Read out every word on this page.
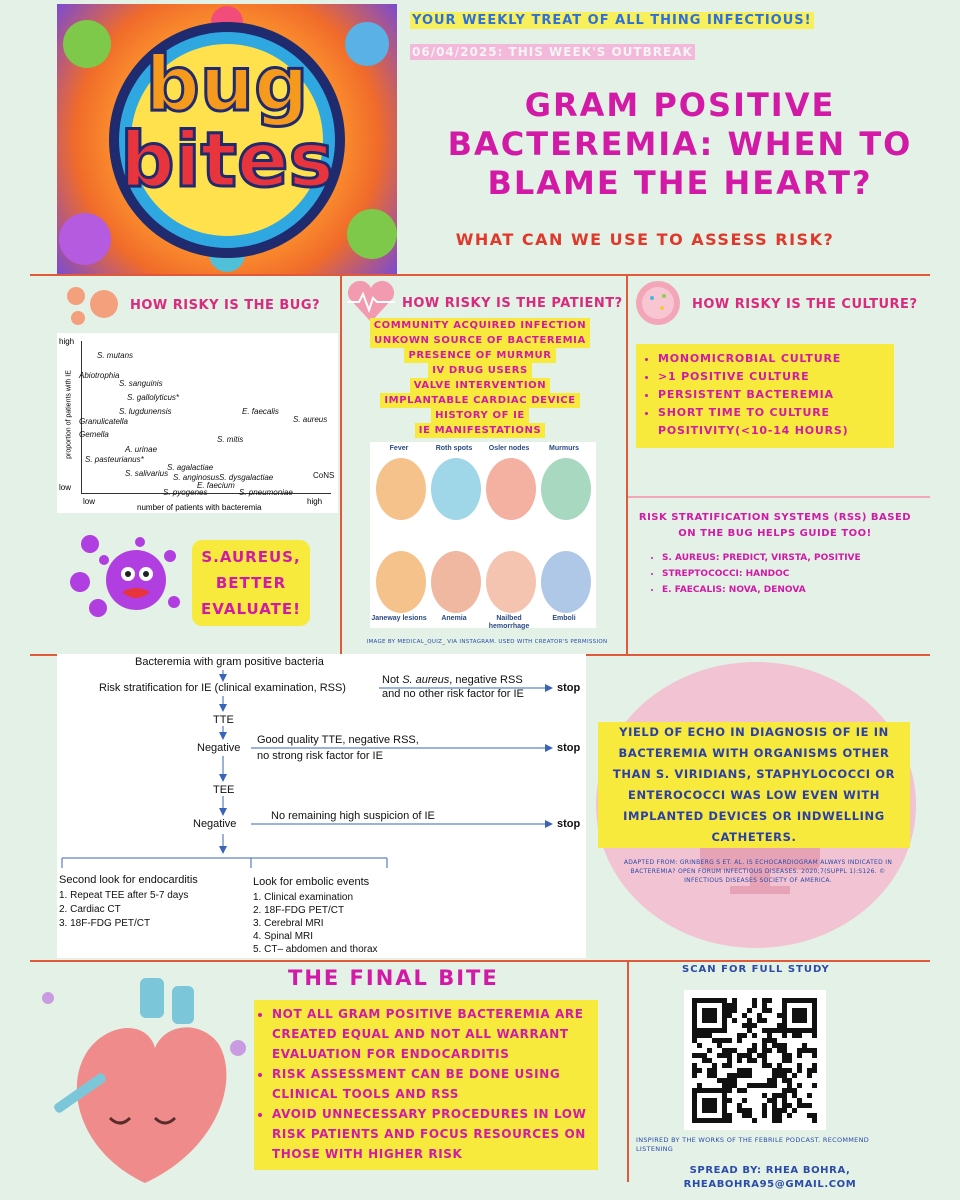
bug
bites
YOUR WEEKLY TREAT OF ALL THING INFECTIOUS!
06/04/2025: THIS WEEK'S OUTBREAK
GRAM POSITIVE
BACTEREMIA: WHEN TO
BLAME THE HEART?
WHAT CAN WE USE TO ASSESS RISK?
HOW RISKY IS THE BUG?
high
low
low	high
number of patients with bacteremia
proportion of patients with IE
S. mutans
Abiotrophia
S. sanguinis
S. gallolyticus*
S. lugdunensis	E. faecalis
S. aureus
Granulicatella
Gemella
A. urinae
S. mitis
S. pasteurianus*
S. agalactiae
S. salivarius S. anginosus S. dysgalactiae
E. faecium
S. pyogenes	S. pneumoniae
CoNS
S.AUREUS,
BETTER
EVALUATE!
HOW RISKY IS THE PATIENT?
COMMUNITY ACQUIRED INFECTION
UNKOWN SOURCE OF BACTEREMIA
PRESENCE OF MURMUR
IV DRUG USERS
VALVE INTERVENTION
IMPLANTABLE CARDIAC DEVICE
HISTORY OF IE
IE MANIFESTATIONS
Fever	Roth spots	Osler nodes	Murmurs
Janeway lesions	Anemia	Nailbed hemorrhage
Emboli
IMAGE BY MEDICAL_QUIZ_ VIA INSTAGRAM. USED WITH CREATOR'S PERMISSION
HOW RISKY IS THE CULTURE?
• MONOMICROBIAL CULTURE
• >1 POSITIVE CULTURE
• PERSISTENT BACTEREMIA
• SHORT TIME TO CULTURE POSITIVITY(<10-14 HOURS)
RISK STRATIFICATION SYSTEMS (RSS) BASED ON THE BUG HELPS GUIDE TOO!
• S. AUREUS: PREDICT, VIRSTA, POSITIVE
• STREPTOCOCCI: HANDOC
• E. FAECALIS: NOVA, DENOVA
Bacteremia with gram positive bacteria
Risk stratification for IE (clinical examination, RSS)
Not S. aureus, negative RSS
and no other risk factor for IE	stop
TTE
Negative
Good quality TTE, negative RSS,
no strong risk factor for IE
stop
TEE
Negative
No remaining high suspicion of IE
stop
Second look for endocarditis
1. Repeat TEE after 5-7 days
2. Cardiac CT
3. 18F-FDG PET/CT
Look for embolic events
1. Clinical examination
2. 18F-FDG PET/CT
3. Cerebral MRI
4. Spinal MRI
5. CT– abdomen and thorax
YIELD OF ECHO IN DIAGNOSIS OF IE IN BACTEREMIA WITH ORGANISMS OTHER THAN S. VIRIDIANS, STAPHYLOCOCCI OR ENTEROCOCCI WAS LOW EVEN WITH IMPLANTED DEVICES OR INDWELLING CATHETERS.
ADAPTED FROM: GRINBERG S ET. AL. IS ECHOCARDIOGRAM ALWAYS INDICATED IN BACTEREMIA? OPEN FORUM INFECTIOUS DISEASES. 2020;7(SUPPL 1):S126. © INFECTIOUS DISEASES SOCIETY OF AMERICA.
THE FINAL BITE
• NOT ALL GRAM POSITIVE BACTEREMIA ARE CREATED EQUAL AND NOT ALL WARRANT EVALUATION FOR ENDOCARDITIS
• RISK ASSESSMENT CAN BE DONE USING CLINICAL TOOLS AND RSS
• AVOID UNNECESSARY PROCEDURES IN LOW RISK PATIENTS AND FOCUS RESOURCES ON THOSE WITH HIGHER RISK
SCAN FOR FULL STUDY
INSPIRED BY THE WORKS OF THE FEBRILE PODCAST. RECOMMEND LISTENING
SPREAD BY: RHEA BOHRA,
RHEABOHRA95@GMAIL.COM
